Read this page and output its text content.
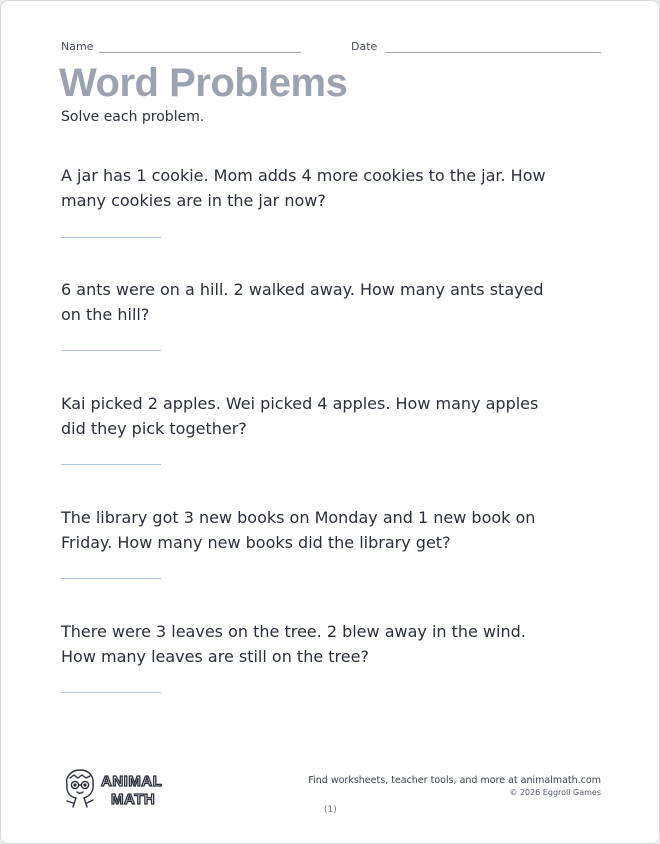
Name	Date
Word Problems

Solve each problem.

A jar has 1 cookie. Mom adds 4 more cookies to the jar. How many cookies are in the jar now?

6 ants were on a hill. 2 walked away. How many ants stayed on the hill?

Kai picked 2 apples. Wei picked 4 apples. How many apples did they pick together?

The library got 3 new books on Monday and 1 new book on Friday. How many new books did the library get?

There were 3 leaves on the tree. 2 blew away in the wind. How many leaves are still on the tree?

ANIMAL
MATH
Find worksheets, teacher tools, and more at animalmath.com
© 2026 Eggroll Games
(1)
